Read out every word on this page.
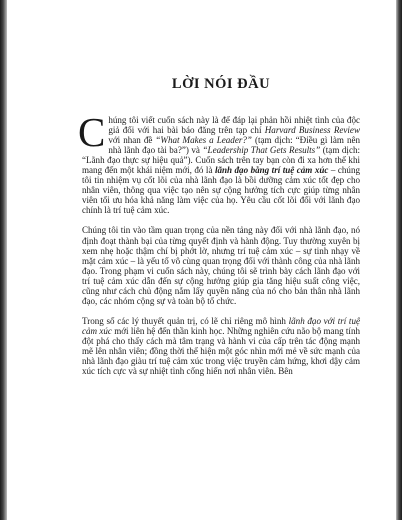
LỜI NÓI ĐẦU

Chúng tôi viết cuốn sách này là để đáp lại phản hồi nhiệt tình của độc giả đối với hai bài báo đăng trên tạp chí Harvard Business Review với nhan đề “What Makes a Leader?” (tạm dịch: “Điều gì làm nên nhà lãnh đạo tài ba?”) và “Leadership That Gets Results” (tạm dịch: “Lãnh đạo thực sự hiệu quả”). Cuốn sách trên tay bạn còn đi xa hơn thế khi mang đến một khái niệm mới, đó là lãnh đạo bằng trí tuệ cảm xúc – chúng tôi tin nhiệm vụ cốt lõi của nhà lãnh đạo là bồi dưỡng cảm xúc tốt đẹp cho nhân viên, thông qua việc tạo nên sự cộng hưởng tích cực giúp từng nhân viên tối ưu hóa khả năng làm việc của họ. Yêu cầu cốt lõi đối với lãnh đạo chính là trí tuệ cảm xúc.

Chúng tôi tin vào tầm quan trọng của nền tảng này đối với nhà lãnh đạo, nó định đoạt thành bại của từng quyết định và hành động. Tuy thường xuyên bị xem nhẹ hoặc thậm chí bị phớt lờ, nhưng trí tuệ cảm xúc – sự tinh nhạy về mặt cảm xúc – là yếu tố vô cùng quan trọng đối với thành công của nhà lãnh đạo. Trong phạm vi cuốn sách này, chúng tôi sẽ trình bày cách lãnh đạo với trí tuệ cảm xúc dẫn đến sự cộng hưởng giúp gia tăng hiệu suất công việc, cũng như cách chủ động nắm lấy quyền năng của nó cho bản thân nhà lãnh đạo, các nhóm cộng sự và toàn bộ tổ chức.

Trong số các lý thuyết quản trị, có lẽ chỉ riêng mô hình lãnh đạo với trí tuệ cảm xúc mới liên hệ đến thần kinh học. Những nghiên cứu não bộ mang tính đột phá cho thấy cách mà tâm trạng và hành vi của cấp trên tác động mạnh mẽ lên nhân viên; đồng thời thể hiện một góc nhìn mới mẻ về sức mạnh của nhà lãnh đạo giàu trí tuệ cảm xúc trong việc truyền cảm hứng, khơi dậy cảm xúc tích cực và sự nhiệt tình cống hiến nơi nhân viên. Bên
